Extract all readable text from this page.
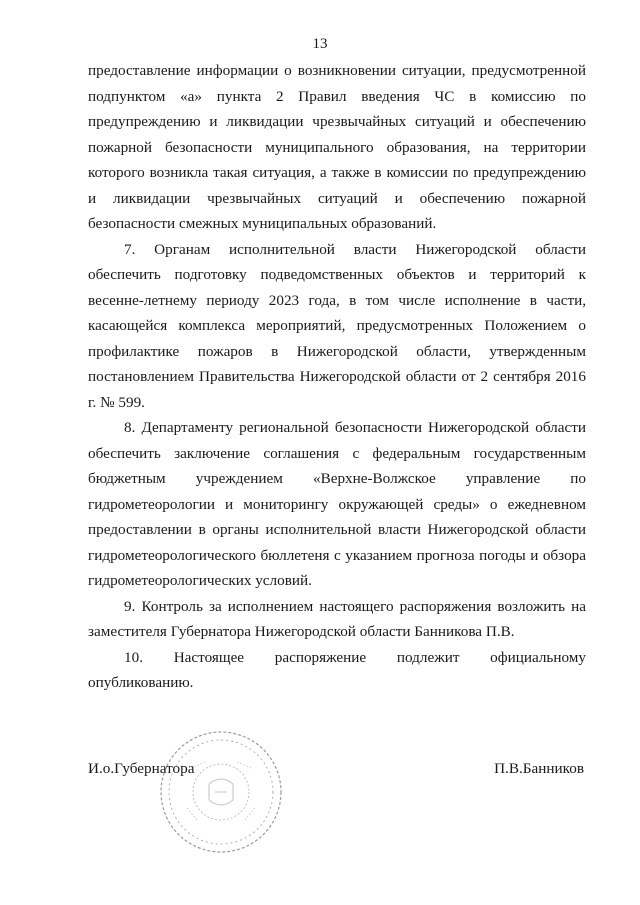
13

предоставление информации о возникновении ситуации, предусмотренной подпунктом «а» пункта 2 Правил введения ЧС в комиссию по предупреждению и ликвидации чрезвычайных ситуаций и обеспечению пожарной безопасности муниципального образования, на территории которого возникла такая ситуация, а также в комиссии по предупреждению и ликвидации чрезвычайных ситуаций и обеспечению пожарной безопасности смежных муниципальных образований.

7. Органам исполнительной власти Нижегородской области обеспечить подготовку подведомственных объектов и территорий к весенне-летнему периоду 2023 года, в том числе исполнение в части, касающейся комплекса мероприятий, предусмотренных Положением о профилактике пожаров в Нижегородской области, утвержденным постановлением Правительства Нижегородской области от 2 сентября 2016 г. № 599.

8. Департаменту региональной безопасности Нижегородской области обеспечить заключение соглашения с федеральным государственным бюджетным учреждением «Верхне-Волжское управление по гидрометеорологии и мониторингу окружающей среды» о ежедневном предоставлении в органы исполнительной власти Нижегородской области гидрометеорологического бюллетеня с указанием прогноза погоды и обзора гидрометеорологических условий.

9. Контроль за исполнением настоящего распоряжения возложить на заместителя Губернатора Нижегородской области Банникова П.В.

10. Настоящее распоряжение подлежит официальному опубликованию.

И.о.Губернатора	П.В.Банников
